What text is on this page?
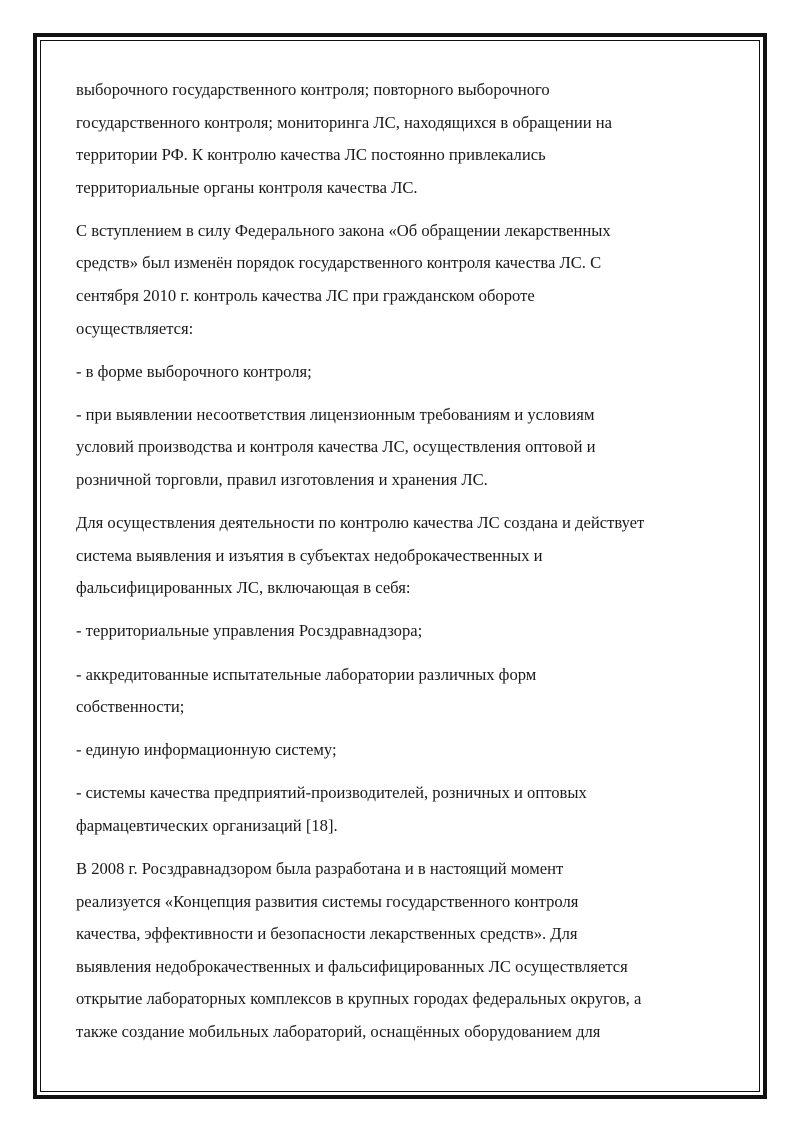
выборочного государственного контроля; повторного выборочного
государственного контроля; мониторинга ЛС, находящихся в обращении на
территории РФ. К контролю качества ЛС постоянно привлекались
территориальные органы контроля качества ЛС.

С вступлением в силу Федерального закона «Об обращении лекарственных
средств» был изменён порядок государственного контроля качества ЛС. С
сентября 2010 г. контроль качества ЛС при гражданском обороте
осуществляется:

- в форме выборочного контроля;

- при выявлении несоответствия лицензионным требованиям и условиям
условий производства и контроля качества ЛС, осуществления оптовой и
розничной торговли, правил изготовления и хранения ЛС.

Для осуществления деятельности по контролю качества ЛС создана и действует
система выявления и изъятия в субъектах недоброкачественных и
фальсифицированных ЛС, включающая в себя:

- территориальные управления Росздравнадзора;

- аккредитованные испытательные лаборатории различных форм
собственности;

- единую информационную систему;

- системы качества предприятий-производителей, розничных и оптовых
фармацевтических организаций [18].

В 2008 г. Росздравнадзором была разработана и в настоящий момент
реализуется «Концепция развития системы государственного контроля
качества, эффективности и безопасности лекарственных средств». Для
выявления недоброкачественных и фальсифицированных ЛС осуществляется
открытие лабораторных комплексов в крупных городах федеральных округов, а
также создание мобильных лабораторий, оснащённых оборудованием для
